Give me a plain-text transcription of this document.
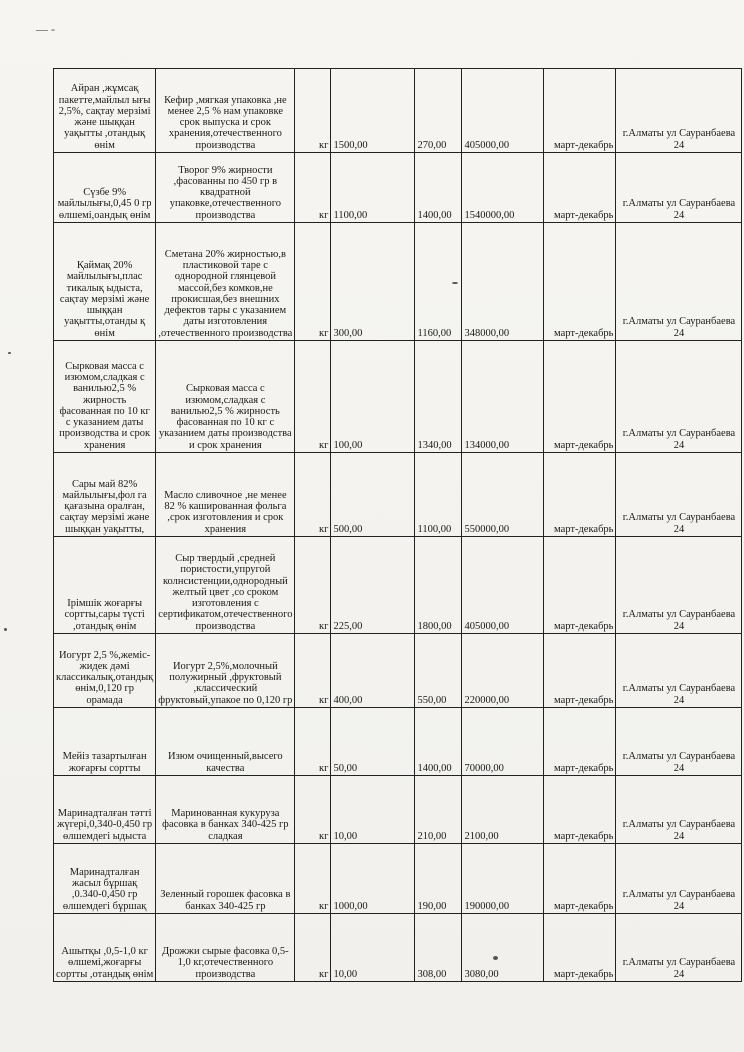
— -
Айран ,жұмсақ пакетте,майлыл ығы 2,5%, сақтау мерзімі және шыққан уақытты ,отандық өнім	Кефир ,мягкая упаковка ,не менее 2,5 % нам упаковке срок выпуска и срок хранения,отечественного производства	кг	1500,00	270,00	405000,00	март-декабрь	г.Алматы ул Сауранбаева 24
Сүзбе 9% майлылығы,0,45 0 гр өлшемі,оандық өнім	Творог 9% жирности ,фасованны по 450 гр в квадратной упаковке,отечественного производства	кг	1100,00	1400,00	1540000,00	март-декабрь	г.Алматы ул Сауранбаева 24
Қаймақ 20% майлылығы,плас тикалық ыдыста, сақтау мерзімі және шыққан уақытты,отанды қ өнім	Сметана 20% жирностью,в пластиковой таре с однородной глянцевой массой,без комков,не прокисшая,без внешних дефектов тары с указанием даты изготовления ,отечественного производства	кг	300,00	1160,00	348000,00	март-декабрь	г.Алматы ул Сауранбаева 24
Сырковая масса с изюмом,сладкая с ванилью2,5 % жирность фасованная по 10 кг с указанием даты производства и срок хранения	Сырковая масса с изюмом,сладкая с ванилью2,5 % жирность фасованная по 10 кг с указанием даты производства и срок хранения	кг	100,00	1340,00	134000,00	март-декабрь	г.Алматы ул Сауранбаева 24
Сары май 82% майлылығы,фол га қағазына оралған, сақтау мерзімі және шыққан уақытты,	Масло сливочное ,не менее 82 % кашированная фольга ,срок изготовления и срок хранения	кг	500,00	1100,00	550000,00	март-декабрь	г.Алматы ул Сауранбаева 24
Ірімшік жоғарғы сортты,сары түсті ,отандық өнім	Сыр твердый ,средней пористости,упругой колнсистенции,однородный желтый цвет ,со сроком изготовления с сертификатом,отечественного производства	кг	225,00	1800,00	405000,00	март-декабрь	г.Алматы ул Сауранбаева 24
Иогурт 2,5 %,жеміс-жидек дәмі классикалық,отандық өнім,0,120 гр орамада	Иогурт 2,5%,молочный полужирный ,фруктовый ,классический фруктовый,упакое по 0,120 гр	кг	400,00	550,00	220000,00	март-декабрь	г.Алматы ул Сауранбаева 24
Мейіз тазартылған жоғарғы сортты	Изюм очищенный,высего качества	кг	50,00	1400,00	70000,00	март-декабрь	г.Алматы ул Сауранбаева 24
Маринадталған тәтті жүгері,0,340-0,450 гр өлшемдегі ыдыста	Маринованная кукуруза фасовка в банках 340-425 гр сладкая	кг	10,00	210,00	2100,00	март-декабрь	г.Алматы ул Сауранбаева 24
Маринадталған жасыл бұршақ ,0.340-0,450 гр өлшемдегі бұршақ	Зеленный горошек фасовка в банках 340-425 гр	кг	1000,00	190,00	190000,00	март-декабрь	г.Алматы ул Сауранбаева 24
Ашытқы ,0,5-1,0 кг өлшемі,жоғарғы сортты ,отандық өнім	Дрожжи сырые фасовка 0,5-1,0 кг,отечественного производства	кг	10,00	308,00	3080,00	март-декабрь	г.Алматы ул Сауранбаева 24
